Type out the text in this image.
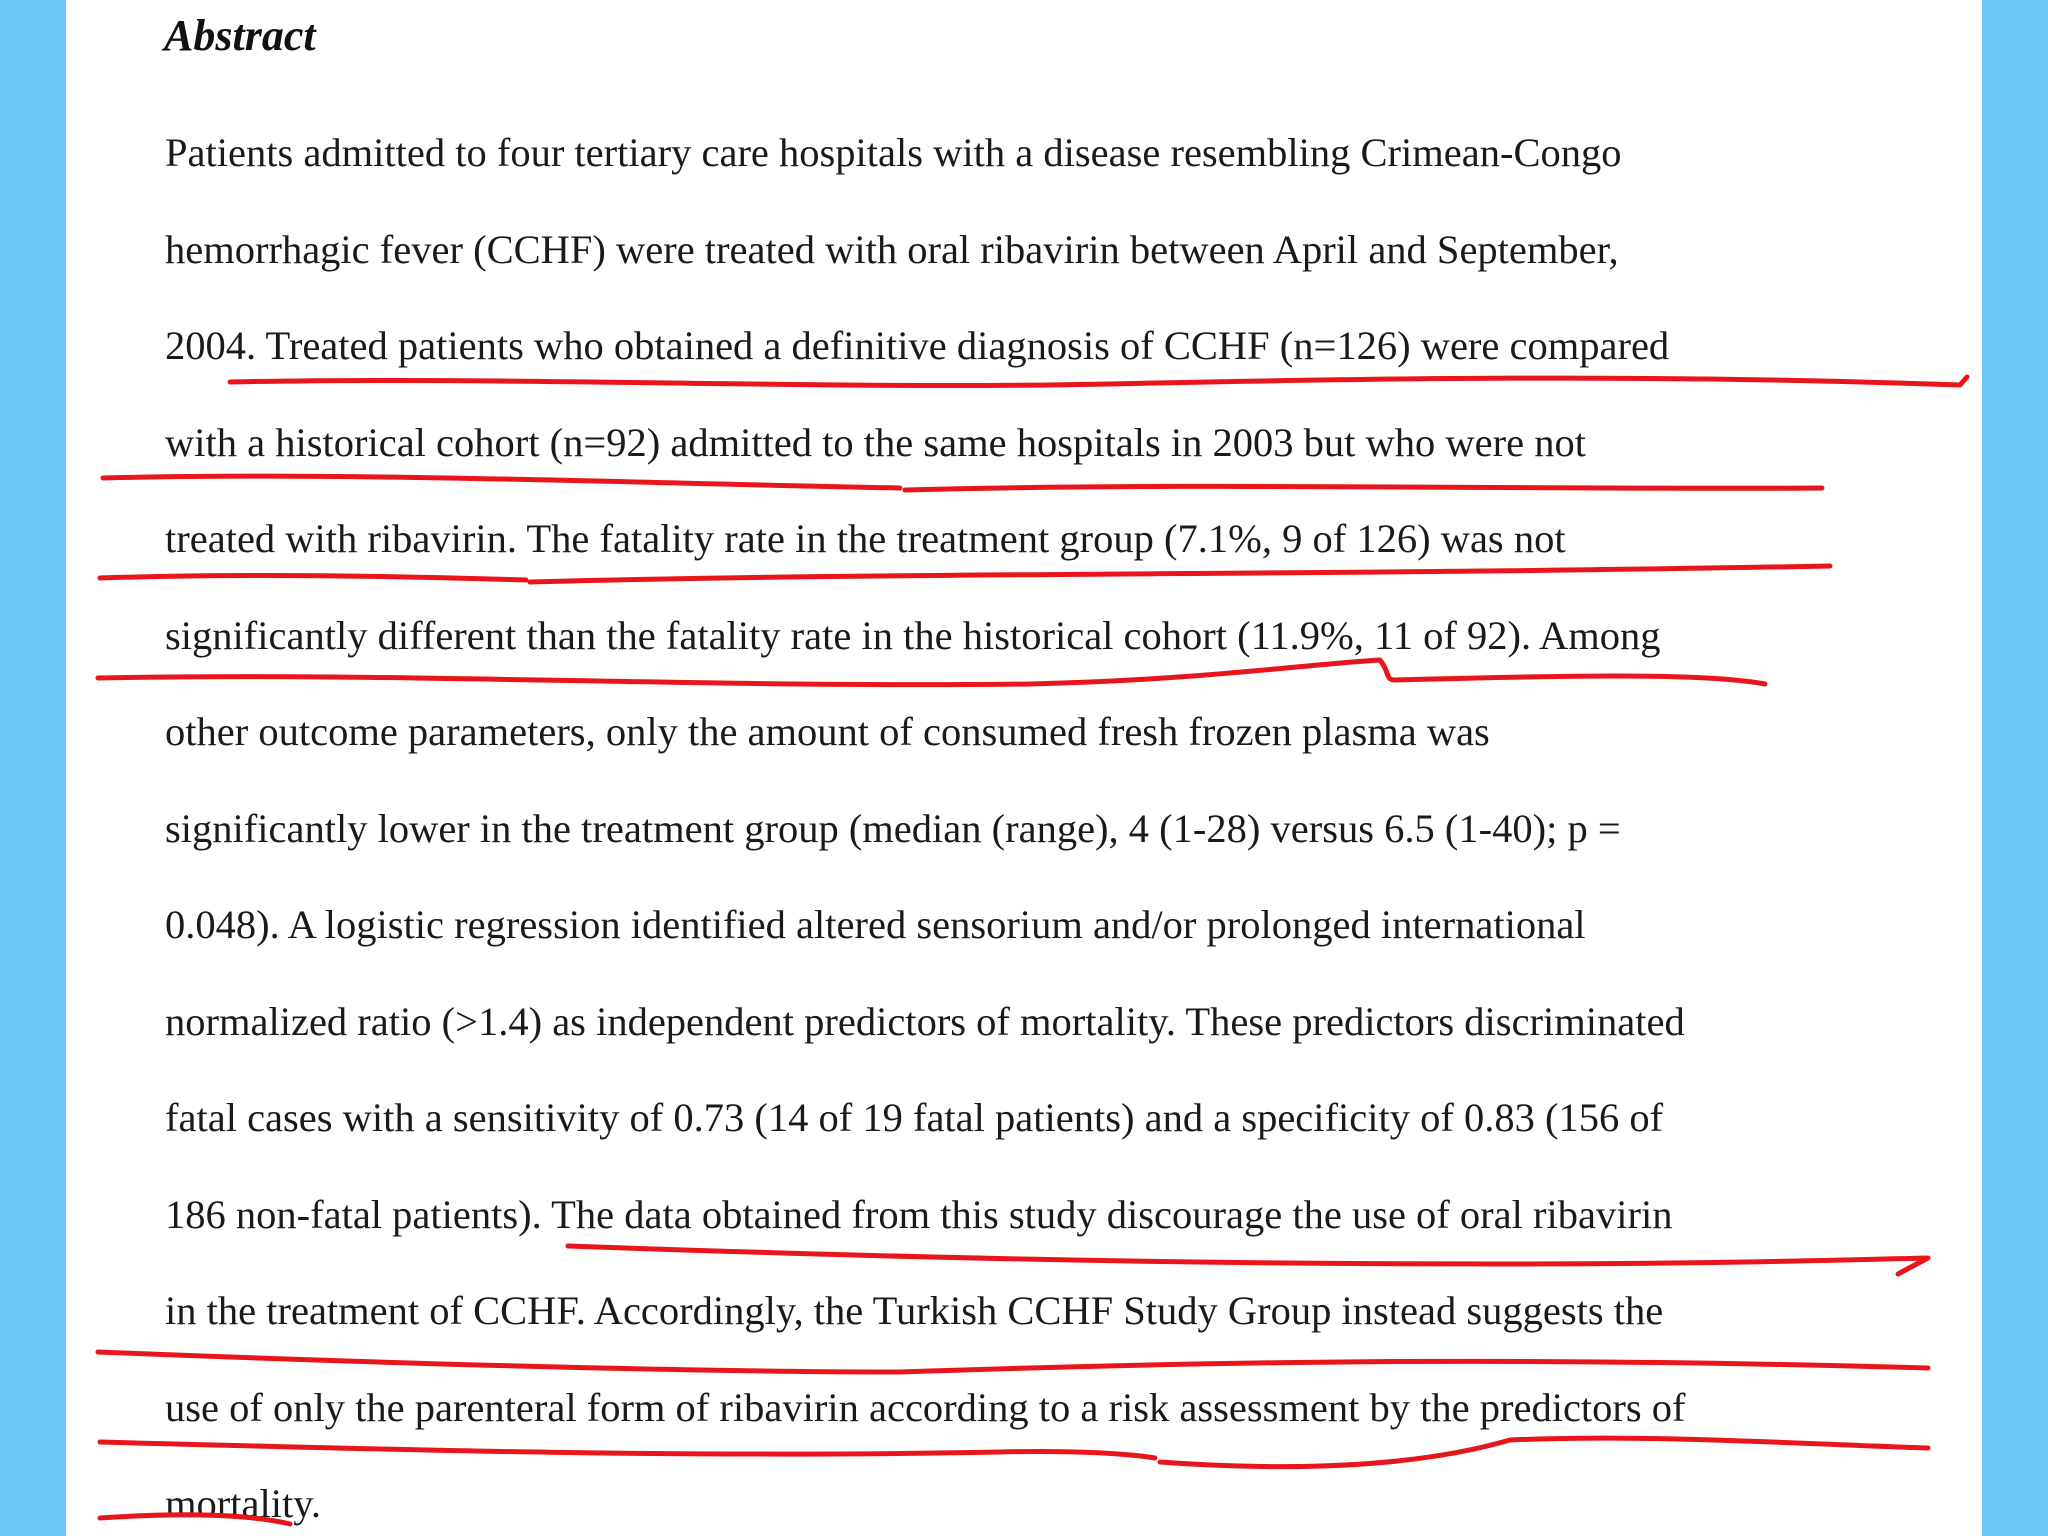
Abstract

Patients admitted to four tertiary care hospitals with a disease resembling Crimean-Congo

hemorrhagic fever (CCHF) were treated with oral ribavirin between April and September,

2004. Treated patients who obtained a definitive diagnosis of CCHF (n=126) were compared

with a historical cohort (n=92) admitted to the same hospitals in 2003 but who were not

treated with ribavirin. The fatality rate in the treatment group (7.1%, 9 of 126) was not

significantly different than the fatality rate in the historical cohort (11.9%, 11 of 92). Among

other outcome parameters, only the amount of consumed fresh frozen plasma was

significantly lower in the treatment group (median (range), 4 (1-28) versus 6.5 (1-40); p =

0.048). A logistic regression identified altered sensorium and/or prolonged international

normalized ratio (>1.4) as independent predictors of mortality. These predictors discriminated

fatal cases with a sensitivity of 0.73 (14 of 19 fatal patients) and a specificity of 0.83 (156 of

186 non-fatal patients). The data obtained from this study discourage the use of oral ribavirin

in the treatment of CCHF. Accordingly, the Turkish CCHF Study Group instead suggests the

use of only the parenteral form of ribavirin according to a risk assessment by the predictors of

mortality.
